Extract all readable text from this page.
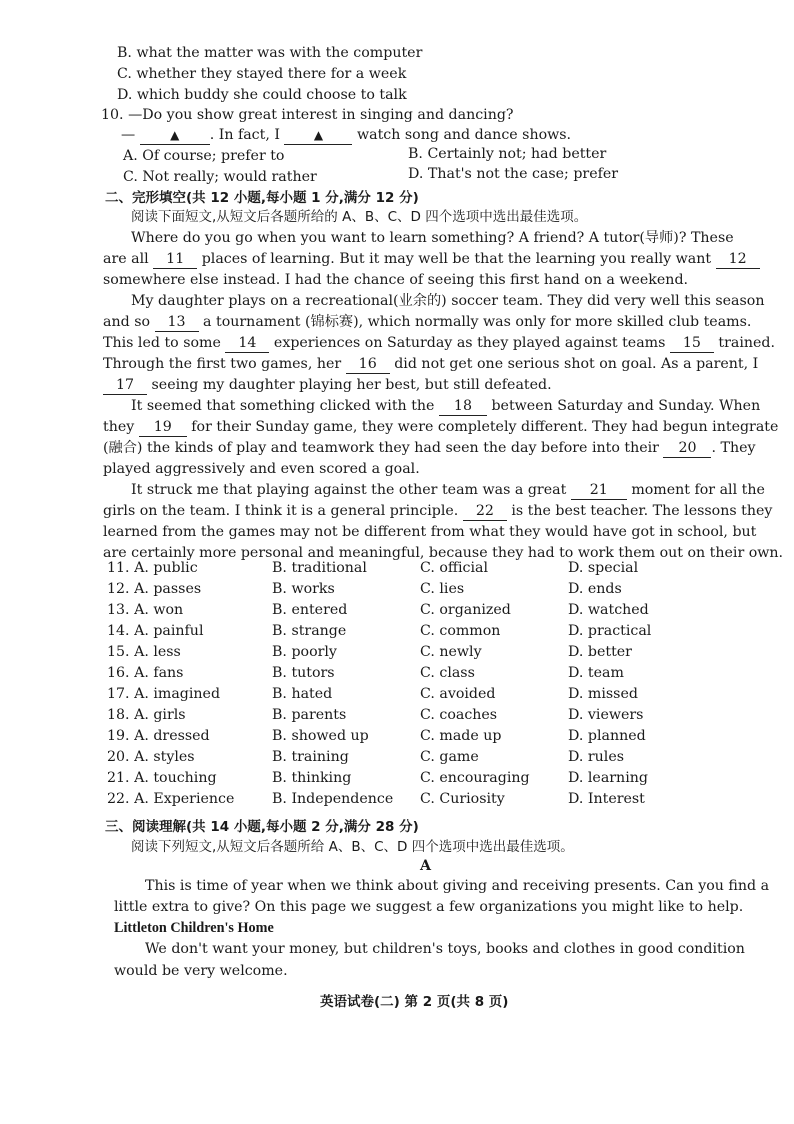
B. what the matter was with the computer
C. whether they stayed there for a week
D. which buddy she could choose to talk
10. —Do you show great interest in singing and dancing?
—	▲ . In fact, I	▲ watch song and dance shows.
A. Of course; prefer to	B. Certainly not; had better
C. Not really; would rather	D. That's not the case; prefer
二、完形填空(共 12 小题,每小题 1 分,满分 12 分)
阅读下面短文,从短文后各题所给的 A、B、C、D 四个选项中选出最佳选项。
Where do you go when you want to learn something? A friend? A tutor(导师)? These
are all 11 places of learning. But it may well be that the learning you really want 12
somewhere else instead. I had the chance of seeing this first hand on a weekend.
My daughter plays on a recreational(业余的) soccer team. They did very well this season
and so 13 a tournament (锦标赛), which normally was only for more skilled club teams.
This led to some 14 experiences on Saturday as they played against teams 15 trained.
Through the first two games, her 16 did not get one serious shot on goal. As a parent, I
17 seeing my daughter playing her best, but still defeated.
It seemed that something clicked with the 18 between Saturday and Sunday. When
they 19 for their Sunday game, they were completely different. They had begun integrate
(融合) the kinds of play and teamwork they had seen the day before into their 20 . They
played aggressively and even scored a goal.
It struck me that playing against the other team was a great 21 moment for all the
girls on the team. I think it is a general principle. 22 is the best teacher. The lessons they
learned from the games may not be different from what they would have got in school, but
are certainly more personal and meaningful, because they had to work them out on their own.
11. A. public	B. traditional	C. official	D. special
12. A. passes	B. works	C. lies	D. ends
13. A. won	B. entered	C. organized	D. watched
14. A. painful	B. strange	C. common	D. practical
15. A. less	B. poorly	C. newly	D. better
16. A. fans	B. tutors	C. class	D. team
17. A. imagined	B. hated	C. avoided	D. missed
18. A. girls	B. parents	C. coaches	D. viewers
19. A. dressed	B. showed up	C. made up	D. planned
20. A. styles	B. training	C. game	D. rules
21. A. touching	B. thinking	C. encouraging	D. learning
22. A. Experience	B. Independence C. Curiosity	D. Interest
三、阅读理解(共 14 小题,每小题 2 分,满分 28 分)
阅读下列短文,从短文后各题所给 A、B、C、D 四个选项中选出最佳选项。
A
This is time of year when we think about giving and receiving presents. Can you find a
little extra to give? On this page we suggest a few organizations you might like to help.
Littleton Children's Home
We don't want your money, but children's toys, books and clothes in good condition
would be very welcome.
英语试卷(二) 第 2 页(共 8 页)
